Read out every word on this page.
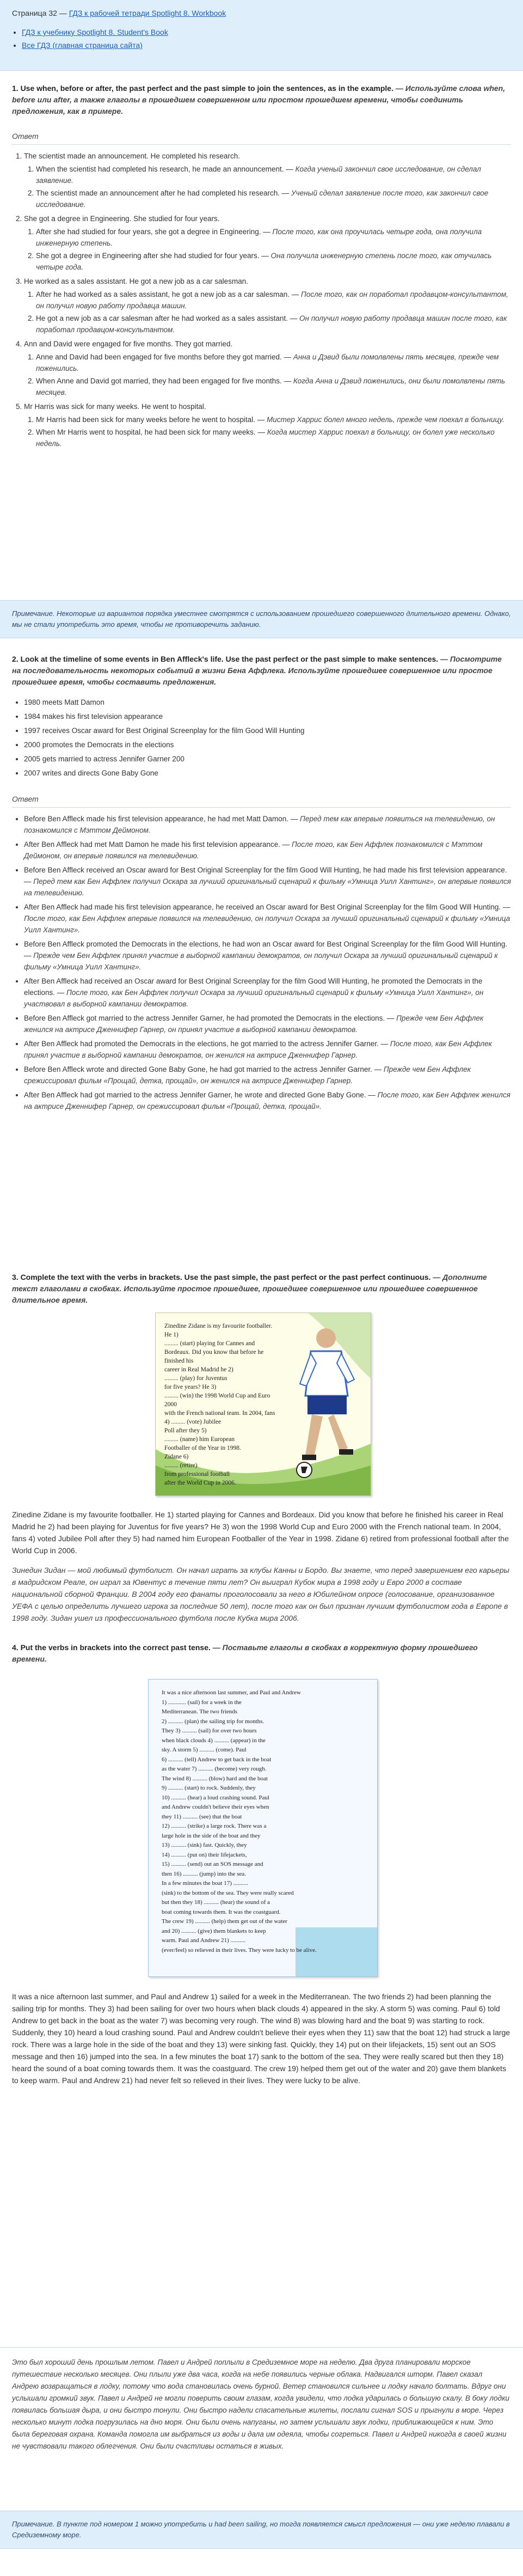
Страница 32 — ГДЗ к рабочей тетради Spotlight 8. Workbook
• ГДЗ к учебнику Spotlight 8. Student's Book
• Все ГДЗ (главная страница сайта)
1. Use when, before or after, the past perfect and the past simple to join the sentences, as in the example. — Используйте слова when, before или after, а также глаголы в прошедшем совершенном или простом прошедшем времени, чтобы соединить предложения, как в примере.
Ответ
1. The scientist made an announcement. He completed his research.
1. When the scientist had completed his research, he made an announcement. — Когда ученый закончил свое исследование, он сделал заявление.
2. The scientist made an announcement after he had completed his research. — Ученый сделал заявление после того, как закончил свое исследование.
2. She got a degree in Engineering. She studied for four years.
1. After she had studied for four years, she got a degree in Engineering. — После того, как она проучилась четыре года, она получила инженерную степень.
2. She got a degree in Engineering after she had studied for four years. — Она получила инженерную степень после того, как отучилась четыре года.
3. He worked as a sales assistant. He got a new job as a car salesman.
1. After he had worked as a sales assistant, he got a new job as a car salesman. — После того, как он поработал продавцом-консультантом, он получил новую работу продавца машин.
2. He got a new job as a car salesman after he had worked as a sales assistant. — Он получил новую работу продавца машин после того, как поработал продавцом-консультантом.
4. Ann and David were engaged for five months. They got married.
1. Anne and David had been engaged for five months before they got married. — Анна и Дэвид были помолвлены пять месяцев, прежде чем поженились.
2. When Anne and David got married, they had been engaged for five months. — Когда Анна и Дэвид поженились, они были помолвлены пять месяцев.
5. Mr Harris was sick for many weeks. He went to hospital.
1. Mr Harris had been sick for many weeks before he went to hospital. — Мистер Харрис болел много недель, прежде чем поехал в больницу.
2. When Mr Harris went to hospital, he had been sick for many weeks. — Когда мистер Харрис поехал в больницу, он болел уже несколько недель.
Примечание. Некоторые из вариантов порядка уместнее смотрятся с использованием прошедшего совершенного длительного времени. Однако, мы не стали употребить это время, чтобы не противоречить заданию.
2. Look at the timeline of some events in Ben Affleck's life. Use the past perfect or the past simple to make sentences. — Посмотрите на последовательность некоторых событий в жизни Бена Аффлека. Используйте прошедшее совершенное или простое прошедшее время, чтобы составить предложения.
• 1980 meets Matt Damon
• 1984 makes his first television appearance
• 1997 receives Oscar award for Best Original Screenplay for the film Good Will Hunting
• 2000 promotes the Democrats in the elections
• 2005 gets married to actress Jennifer Garner 200
• 2007 writes and directs Gone Baby Gone
Ответ
• Before Ben Affleck made his first television appearance, he had met Matt Damon. — Перед тем как впервые появиться на телевидению, он познакомился с Мэттом Деймоном.
• After Ben Affleck had met Matt Damon he made his first television appearance. — После того, как Бен Аффлек познакомился с Мэттом Деймоном, он впервые появился на телевидению.
• Before Ben Affleck received an Oscar award for Best Original Screenplay for the film Good Will Hunting, he had made his first television appearance. — Перед тем как Бен Аффлек получил Оскара за лучший оригинальный сценарий к фильму «Умница Уилл Хантинг», он впервые появился на телевидению.
• After Ben Affleck had made his first television appearance, he received an Oscar award for Best Original Screenplay for the film Good Will Hunting. — После того, как Бен Аффлек впервые появился на телевидению, он получил Оскара за лучший оригинальный сценарий к фильму «Умница Уилл Хантинг».
• Before Ben Affleck promoted the Democrats in the elections, he had won an Oscar award for Best Original Screenplay for the film Good Will Hunting. — Прежде чем Бен Аффлек принял участие в выборной кампании демократов, он получил Оскара за лучший оригинальный сценарий к фильму «Умница Уилл Хантинг».
• After Ben Affleck had received an Oscar award for Best Original Screenplay for the film Good Will Hunting, he promoted the Democrats in the elections. — После того, как Бен Аффлек получил Оскара за лучший оригинальный сценарий к фильму «Умница Уилл Хантинг», он участвовал в выборной кампании демократов.
• Before Ben Affleck got married to the actress Jennifer Garner, he had promoted the Democrats in the elections. — Прежде чем Бен Аффлек женился на актрисе Дженнифер Гарнер, он принял участие в выборной кампании демократов.
• After Ben Affleck had promoted the Democrats in the elections, he got married to the actress Jennifer Garner. — После того, как Бен Аффлек принял участие в выборной кампании демократов, он женился на актрисе Дженнифер Гарнер.
• Before Ben Affleck wrote and directed Gone Baby Gone, he had got married to the actress Jennifer Garner. — Прежде чем Бен Аффлек срежиссировал фильм «Прощай, детка, прощай», он женился на актрисе Дженнифер Гарнер.
• After Ben Affleck had got married to the actress Jennifer Garner, he wrote and directed Gone Baby Gone. — После того, как Бен Аффлек женился на актрисе Дженнифер Гарнер, он срежиссировал фильм «Прощай, детка, прощай».
3. Complete the text with the verbs in brackets. Use the past simple, the past perfect or the past perfect continuous. — Дополните текст глаголами в скобках. Используйте простое прошедшее, прошедшее совершенное или прошедшее совершенное длительное время.
Zinedine Zidane is my favourite footballer. He 1)
......... (start) playing for Cannes and
Bordeaux. Did you know that before he finished his
career in Real Madrid he 2)
......... (play) for Juventus
for five years? He 3)
......... (win) the 1998 World Cup and Euro 2000
with the French national team. In 2004, fans
4) ......... (vote) Jubilee
Poll after they 5)
......... (name) him European
Footballer of the Year in 1998.
Zidane 6)
......... (retire)
from professional football
after the World Cup in 2006.
Zinedine Zidane is my favourite footballer. He 1) started playing for Cannes and Bordeaux. Did you know that before he finished his career in Real Madrid he 2) had been playing for Juventus for five years? He 3) won the 1998 World Cup and Euro 2000 with the French national team. In 2004, fans 4) voted Jubilee Poll after they 5) had named him European Footballer of the Year in 1998. Zidane 6) retired from professional football after the World Cup in 2006.
Зинедин Зидан — мой любимый футболист. Он начал играть за клубы Канны и Бордо. Вы знаете, что перед завершением его карьеры в мадридском Реале, он играл за Ювентус в течение пяти лет? Он выиграл Кубок мира в 1998 году и Евро 2000 в составе национальной сборной Франции. В 2004 году его фанаты проголосовали за него в Юбилейном опросе (голосование, организованное УЕФА с целью определить лучшего игрока за последние 50 лет), после того как он был признан лучшим футболистом года в Европе в 1998 году. Зидан ушел из профессионального футбола после Кубка мира 2006.
4. Put the verbs in brackets into the correct past tense. — Поставьте глаголы в скобках в корректную форму прошедшего времени.
It was a nice afternoon last summer, and Paul and Andrew
1) ............ (sail) for a week in the
Mediterranean. The two friends
2) .......... (plan) the sailing trip for months.
They 3) .......... (sail) for over two hours
when black clouds 4) .......... (appear) in the
sky. A storm 5) .......... (come). Paul
6) .......... (tell) Andrew to get back in the boat
as the water 7) .......... (become) very rough.
The wind 8) .......... (blow) hard and the boat
9) .......... (start) to rock. Suddenly, they
10) .......... (hear) a loud crashing sound. Paul
and Andrew couldn't believe their eyes when
they 11) .......... (see) that the boat
12) .......... (strike) a large rock. There was a
large hole in the side of the boat and they
13) .......... (sink) fast. Quickly, they
14) .......... (put on) their lifejackets,
15) .......... (send) out an SOS message and
then 16) .......... (jump) into the sea.
In a few minutes the boat 17) ..........
(sink) to the bottom of the sea. They were really scared
but then they 18) .......... (hear) the sound of a
boat coming towards them. It was the coastguard.
The crew 19) .......... (help) them get out of the water
and 20) .......... (give) them blankets to keep
warm. Paul and Andrew 21) ..........
(ever/feel) so relieved in their lives. They were lucky to be alive.
It was a nice afternoon last summer, and Paul and Andrew 1) sailed for a week in the Mediterranean. The two friends 2) had been planning the sailing trip for months. They 3) had been sailing for over two hours when black clouds 4) appeared in the sky. A storm 5) was coming. Paul 6) told Andrew to get back in the boat as the water 7) was becoming very rough. The wind 8) was blowing hard and the boat 9) was starting to rock. Suddenly, they 10) heard a loud crashing sound. Paul and Andrew couldn't believe their eyes when they 11) saw that the boat 12) had struck a large rock. There was a large hole in the side of the boat and they 13) were sinking fast. Quickly, they 14) put on their lifejackets, 15) sent out an SOS message and then 16) jumped into the sea. In a few minutes the boat 17) sank to the bottom of the sea. They were really scared but then they 18) heard the sound of a boat coming towards them. It was the coastguard. The crew 19) helped them get out of the water and 20) gave them blankets to keep warm. Paul and Andrew 21) had never felt so relieved in their lives. They were lucky to be alive.
Это был хороший день прошлым летом. Павел и Андрей поплыли в Средиземное море на неделю. Два друга планировали морское путешествие несколько месяцев. Они плыли уже два часа, когда на небе появились черные облака. Надвигался шторм. Павел сказал Андрею возвращаться в лодку, потому что вода становилась очень бурной. Ветер становился сильнее и лодку начало болтать. Вдруг они услышали громкий звук. Павел и Андрей не могли поверить своим глазам, когда увидели, что лодка ударилась о большую скалу. В боку лодки появилась большая дыра, и они быстро тонули. Они быстро надели спасательные жилеты, послали сигнал SOS и прыгнули в море. Через несколько минут лодка погрузилась на дно моря. Они были очень напуганы, но затем услышали звук лодки, приближающейся к ним. Это была береговая охрана. Команда помогла им выбраться из воды и дала им одеяла, чтобы согреться. Павел и Андрей никогда в своей жизни не чувствовали такого облегчения. Они были счастливы остаться в живых.
Примечание. В пункте под номером 1 можно употребить и had been sailing, но тогда появляется смысл предложения — они уже неделю плавали в Средиземному море.
